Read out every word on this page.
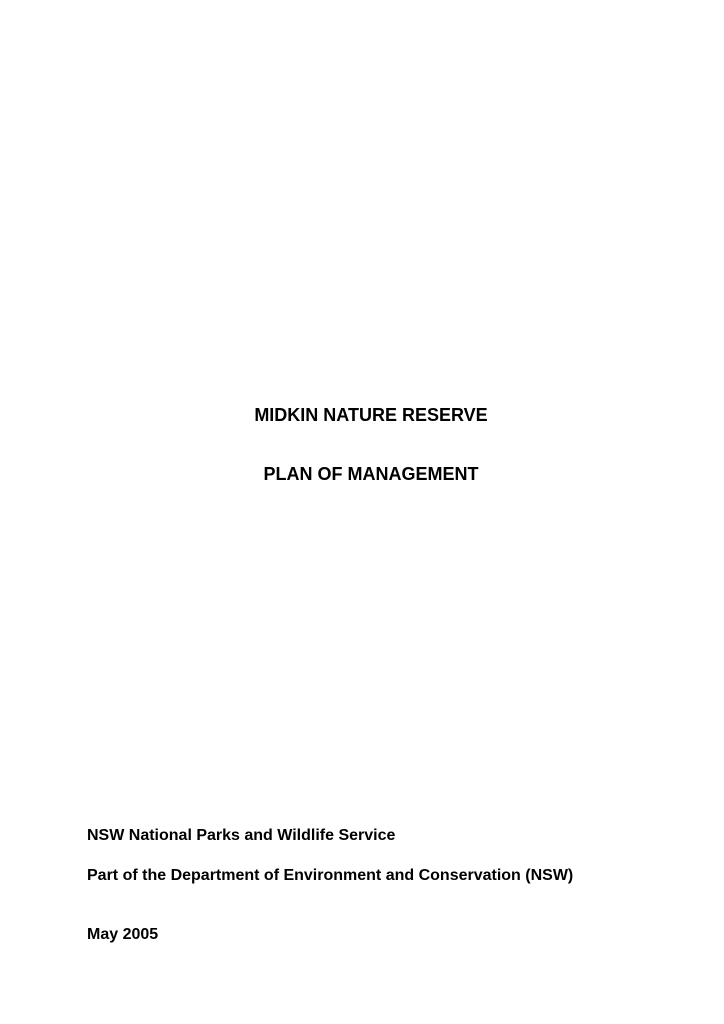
MIDKIN NATURE RESERVE
PLAN OF MANAGEMENT
NSW National Parks and Wildlife Service
Part of the Department of Environment and Conservation (NSW)
May 2005
